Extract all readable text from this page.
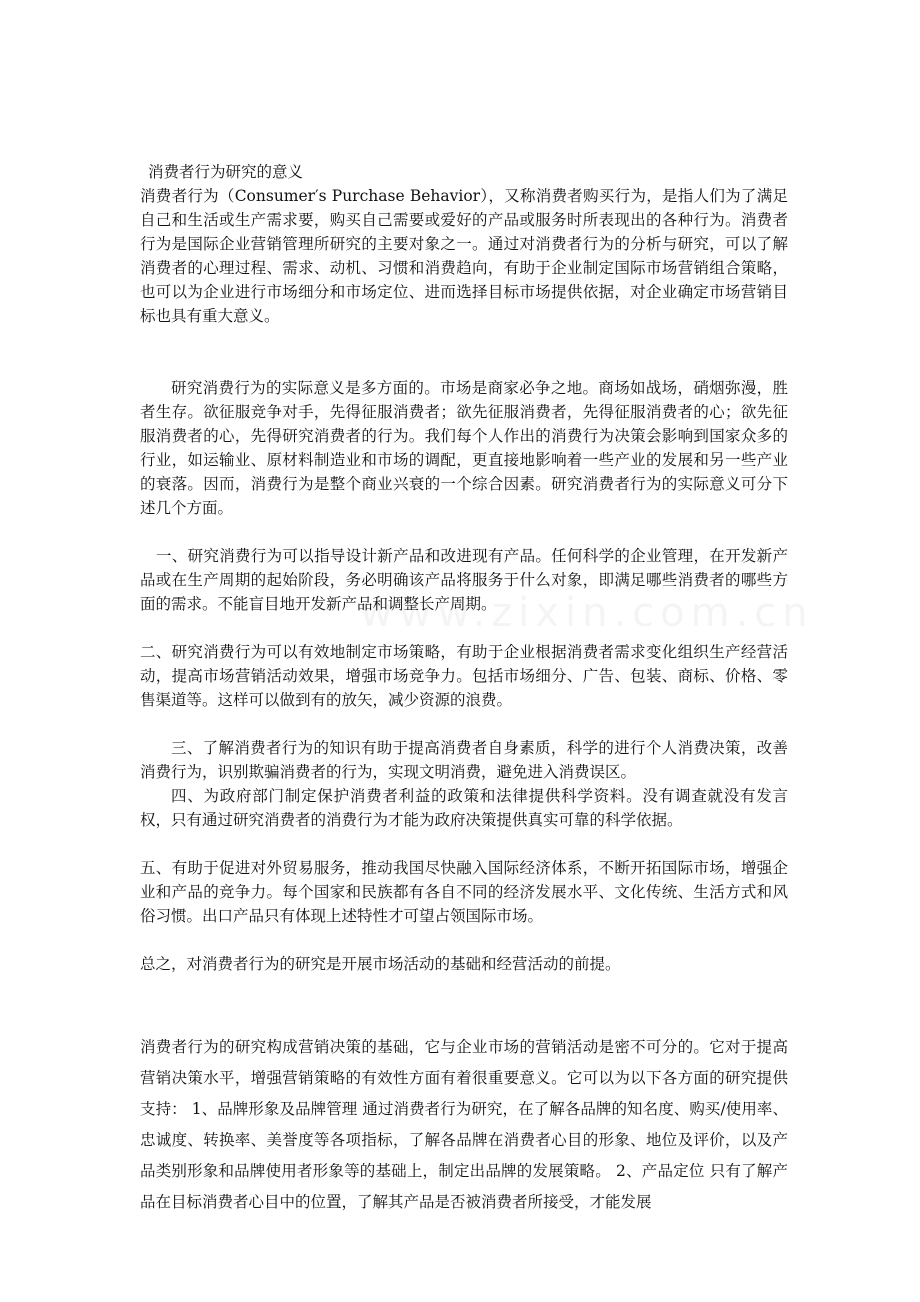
消费者行为研究的意义

消费者行为（Consumer′s Purchase Behavior），又称消费者购买行为，是指人们为了满足自己和生活或生产需求要，购买自己需要或爱好的产品或服务时所表现出的各种行为。消费者行为是国际企业营销管理所研究的主要对象之一。通过对消费者行为的分析与研究，可以了解消费者的心理过程、需求、动机、习惯和消费趋向，有助于企业制定国际市场营销组合策略，也可以为企业进行市场细分和市场定位、进而选择目标市场提供依据，对企业确定市场营销目标也具有重大意义。

研究消费行为的实际意义是多方面的。市场是商家必争之地。商场如战场，硝烟弥漫，胜者生存。欲征服竞争对手，先得征服消费者；欲先征服消费者，先得征服消费者的心；欲先征服消费者的心，先得研究消费者的行为。我们每个人作出的消费行为决策会影响到国家众多的行业，如运输业、原材料制造业和市场的调配，更直接地影响着一些产业的发展和另一些产业的衰落。因而，消费行为是整个商业兴衰的一个综合因素。研究消费者行为的实际意义可分下述几个方面。

一、研究消费行为可以指导设计新产品和改进现有产品。任何科学的企业管理，在开发新产品或在生产周期的起始阶段，务必明确该产品将服务于什么对象，即满足哪些消费者的哪些方面的需求。不能盲目地开发新产品和调整长产周期。

二、研究消费行为可以有效地制定市场策略，有助于企业根据消费者需求变化组织生产经营活动，提高市场营销活动效果，增强市场竞争力。包括市场细分、广告、包装、商标、价格、零售渠道等。这样可以做到有的放矢，减少资源的浪费。

三、了解消费者行为的知识有助于提高消费者自身素质，科学的进行个人消费决策，改善消费行为，识别欺骗消费者的行为，实现文明消费，避免进入消费误区。

四、为政府部门制定保护消费者利益的政策和法律提供科学资料。没有调查就没有发言权，只有通过研究消费者的消费行为才能为政府决策提供真实可靠的科学依据。

五、有助于促进对外贸易服务，推动我国尽快融入国际经济体系，不断开拓国际市场，增强企业和产品的竞争力。每个国家和民族都有各自不同的经济发展水平、文化传统、生活方式和风俗习惯。出口产品只有体现上述特性才可望占领国际市场。

总之，对消费者行为的研究是开展市场活动的基础和经营活动的前提。

消费者行为的研究构成营销决策的基础，它与企业市场的营销活动是密不可分的。它对于提高营销决策水平，增强营销策略的有效性方面有着很重要意义。它可以为以下各方面的研究提供支持： 1、品牌形象及品牌管理 通过消费者行为研究，在了解各品牌的知名度、购买/使用率、忠诚度、转换率、美誉度等各项指标，了解各品牌在消费者心目的形象、地位及评价，以及产品类别形象和品牌使用者形象等的基础上，制定出品牌的发展策略。 2、产品定位 只有了解产品在目标消费者心目中的位置，了解其产品是否被消费者所接受，才能发展
